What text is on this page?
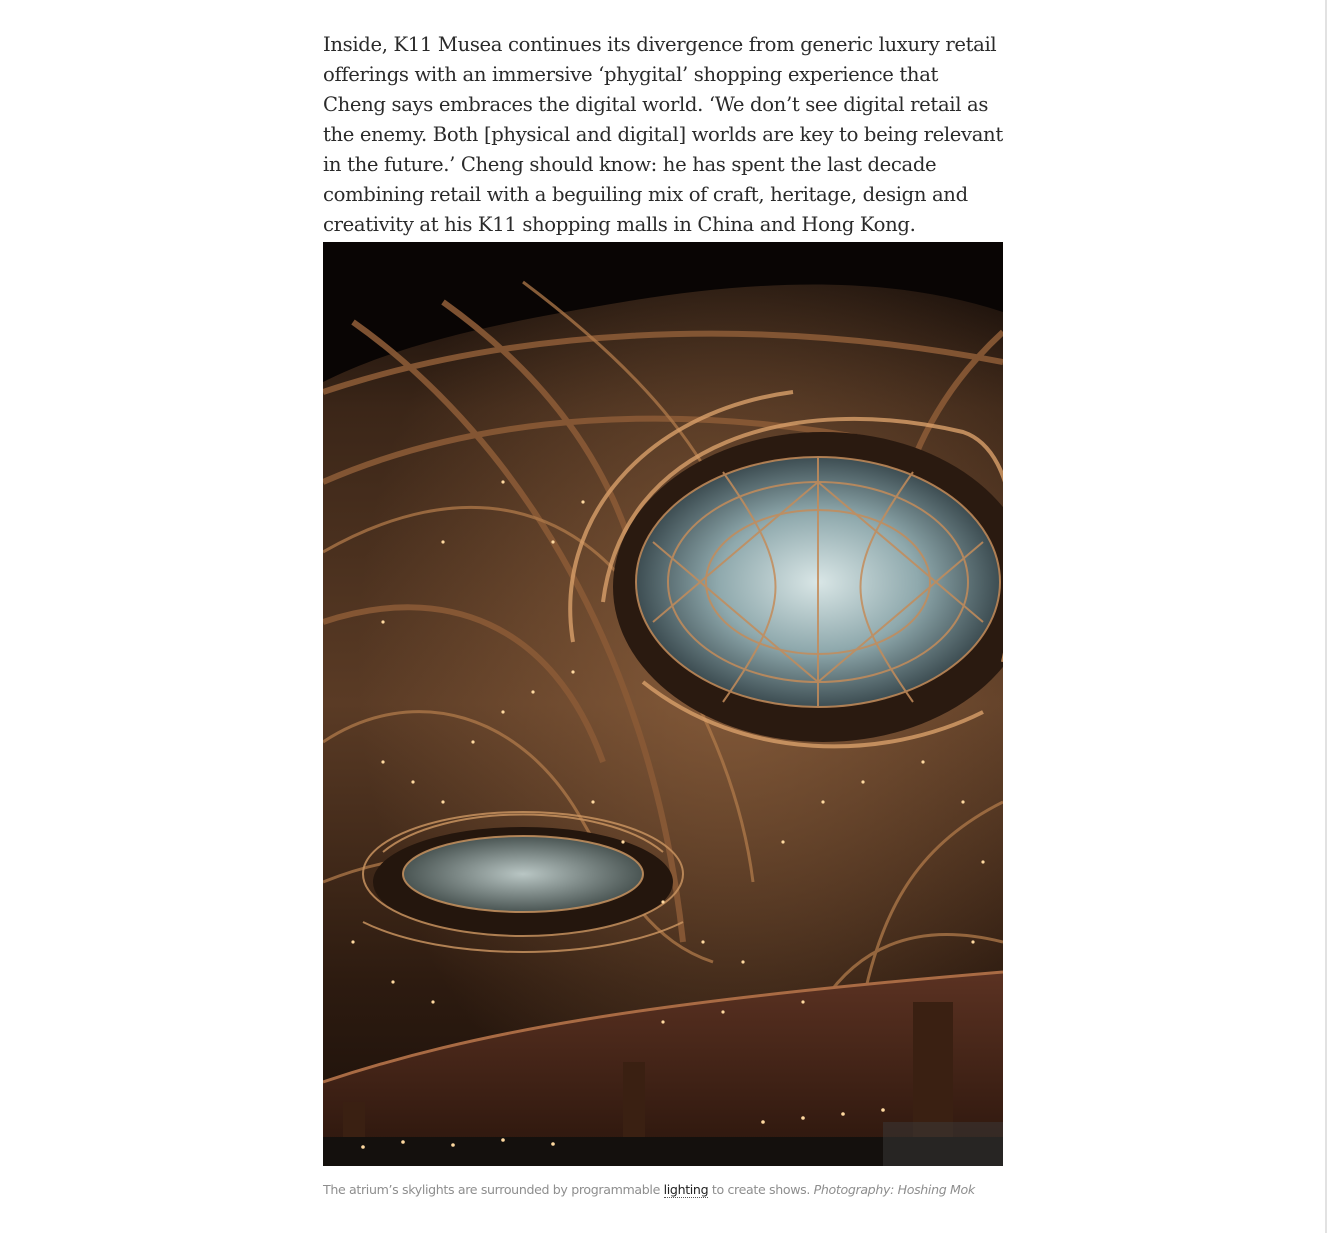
Inside, K11 Musea continues its divergence from generic luxury retail offerings with an immersive ‘phygital’ shopping experience that Cheng says embraces the digital world. ‘We don’t see digital retail as the enemy. Both [physical and digital] worlds are key to being relevant in the future.’ Cheng should know: he has spent the last decade combining retail with a beguiling mix of craft, heritage, design and creativity at his K11 shopping malls in China and Hong Kong.

The atrium’s skylights are surrounded by programmable lighting to create shows. Photography: Hoshing Mok
